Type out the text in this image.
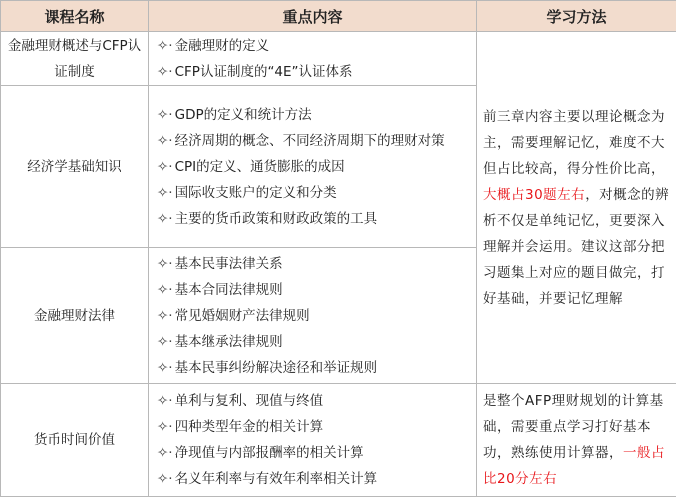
课程名称	重点内容	学习方法
金融理财概述与CFP认证制度	✧· 金融理财的定义
✧· CFP认证制度的“4E”认证体系	前三章内容主要以理论概念为主，需要理解记忆，难度不大但占比较高，得分性价比高，大概占30题左右，对概念的辨析不仅是单纯记忆，更要深入理解并会运用。建议这部分把习题集上对应的题目做完，打好基础，并要记忆理解
经济学基础知识	✧· GDP的定义和统计方法
✧· 经济周期的概念、不同经济周期下的理财对策
✧· CPI的定义、通货膨胀的成因
✧· 国际收支账户的定义和分类
✧· 主要的货币政策和财政政策的工具	

金融理财法律	✧· 基本民事法律关系
✧· 基本合同法律规则
✧· 常见婚姻财产法律规则
✧· 基本继承法律规则
✧· 基本民事纠纷解决途径和举证规则	

货币时间价值	✧· 单利与复利、现值与终值
✧· 四种类型年金的相关计算
✧· 净现值与内部报酬率的相关计算
✧· 名义年利率与有效年利率相关计算	是整个AFP理财规划的计算基础，需要重点学习打好基本功，熟练使用计算器，一般占比20分左右
